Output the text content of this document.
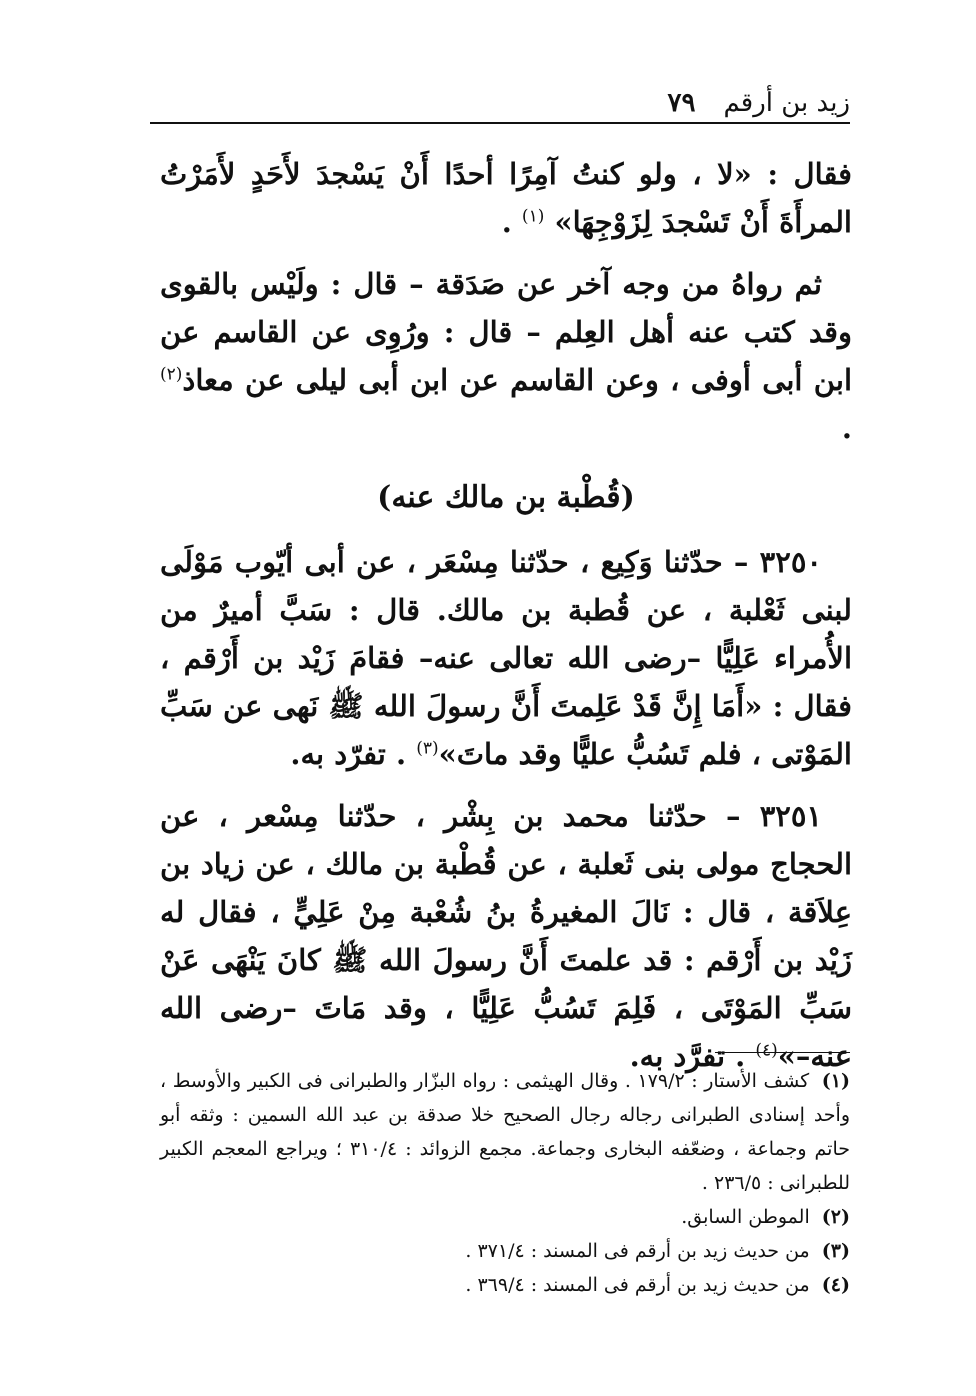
زيد بن أرقم
٧٩

فقال : «لا ، ولو كنتُ آمِرًا أحدًا أَنْ يَسْجدَ لأَحَدٍ لأَمَرْتُ المرأَةَ أَنْ تَسْجدَ لِزَوْجِهَا» $^{(١)}$ .

ثم رواهُ من وجه آخر عن صَدَقة – قال : ولَيْس بالقوى وقد كتب عنه أهل العِلم – قال : ورُوِى عن القاسم عن ابن أبى أوفى ، وعن القاسم عن ابن أبى ليلى عن معاذ$^{(٢)}$ .

(قُطْبة بن مالك عنه)

٣٢٥٠ – حدّثنا وَكِيع ، حدّثنا مِسْعَر ، عن أبى أيّوب مَوْلَى لبنى ثَعْلبة ، عن قُطبة بن مالك. قال : سَبَّ أميرٌ من الأُمراء عَلِيًّا –رضى الله تعالى عنه– فقامَ زَيْد بن أَرْقم ، فقال : «أَمَا إِنَّ قَدْ عَلِمتَ أَنَّ رسولَ الله ﷺ نَهى عن سَبِّ المَوْتى ، فلم تَسُبُّ عليًّا وقد ماتَ»$^{(٣)}$ . تفرّد به.

٣٢٥١ – حدّثنا محمد بن بِشْر ، حدّثنا مِسْعر ، عن الحجاج مولى بنى ثَعلبة ، عن قُطْبة بن مالك ، عن زياد بن عِلاَقة ، قال : نَالَ المغيرةُ بنُ شُعْبة مِنْ عَلِيٍّ ، فقال له زَيْد بن أَرْقم : قد علمتَ أَنَّ رسولَ الله ﷺ كانَ يَنْهَى عَنْ سَبِّ المَوْتَى ، فَلِمَ تَسُبُّ عَلِيًّا ، وقد مَاتَ –رضى الله عنه–»$^{(٤)}$ . تفرَّد به.

(١) كشف الأستار : ١٧٩/٢ . وقال الهيثمى : رواه البزّار والطبرانى فى الكبير والأوسط ، وأحد إسنادى الطبرانى رجاله رجال الصحيح خلا صدقة بن عبد الله السمين : وثقه أبو حاتم وجماعة ، وضعّفه البخارى وجماعة. مجمع الزوائد : ٣١٠/٤ ؛ ويراجع المعجم الكبير للطبرانى : ٢٣٦/٥ .

(٢) الموطن السابق.

(٣) من حديث زيد بن أرقم فى المسند : ٣٧١/٤ .

(٤) من حديث زيد بن أرقم فى المسند : ٣٦٩/٤ .
